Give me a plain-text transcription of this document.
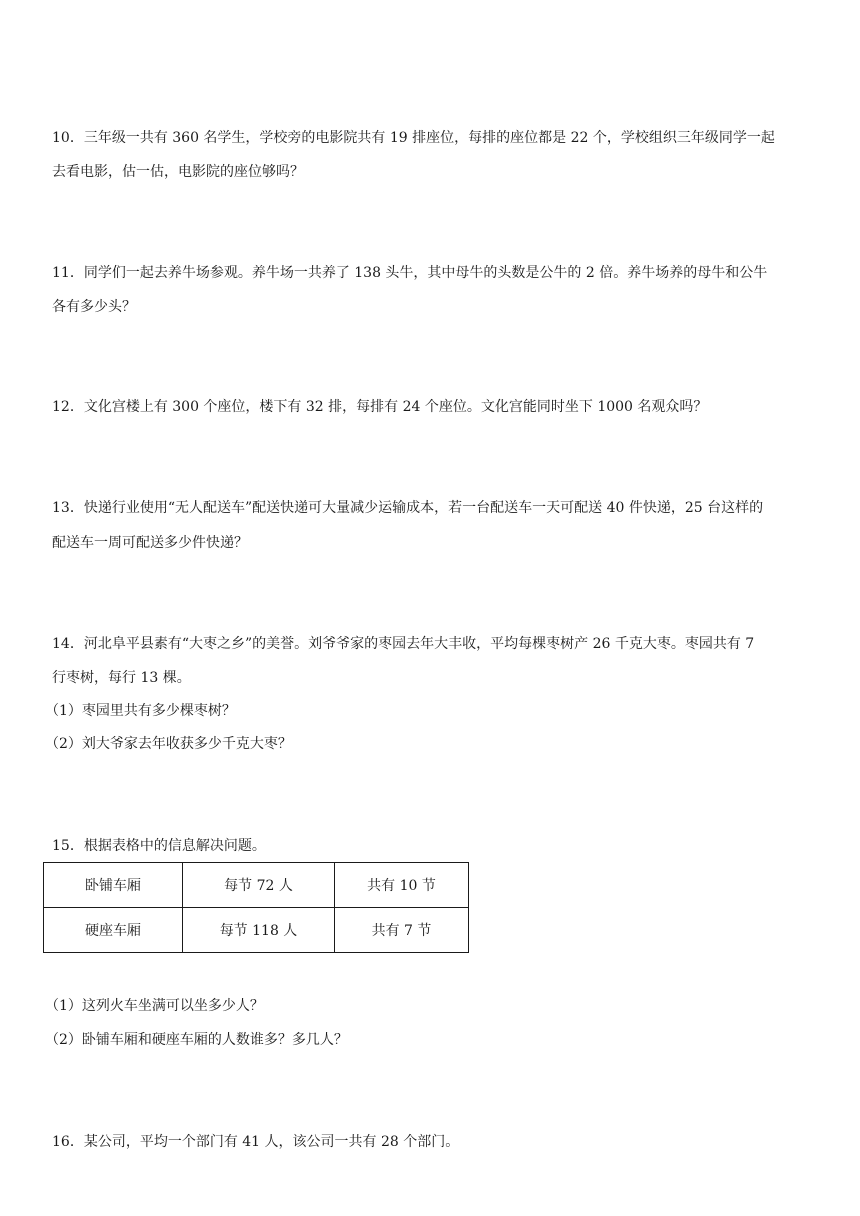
10．三年级一共有 360 名学生，学校旁的电影院共有 19 排座位，每排的座位都是 22 个，学校组织三年级同学一起
去看电影，估一估，电影院的座位够吗？
11．同学们一起去养牛场参观。养牛场一共养了 138 头牛，其中母牛的头数是公牛的 2 倍。养牛场养的母牛和公牛
各有多少头？
12．文化宫楼上有 300 个座位，楼下有 32 排，每排有 24 个座位。文化宫能同时坐下 1000 名观众吗？
13．快递行业使用“无人配送车”配送快递可大量减少运输成本，若一台配送车一天可配送 40 件快递，25 台这样的
配送车一周可配送多少件快递？
14．河北阜平县素有“大枣之乡”的美誉。刘爷爷家的枣园去年大丰收，平均每棵枣树产 26 千克大枣。枣园共有 7
行枣树，每行 13 棵。
（1）枣园里共有多少棵枣树？
（2）刘大爷家去年收获多少千克大枣？
15．根据表格中的信息解决问题。
卧铺车厢	每节 72 人	共有 10 节
硬座车厢	每节 118 人	共有 7 节
（1）这列火车坐满可以坐多少人？
（2）卧铺车厢和硬座车厢的人数谁多？多几人？
16．某公司，平均一个部门有 41 人，该公司一共有 28 个部门。
